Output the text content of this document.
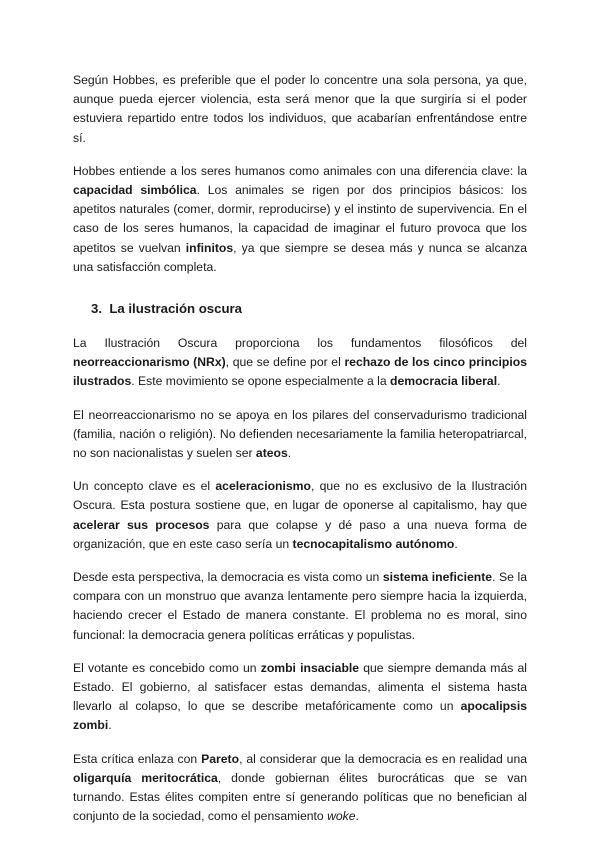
Según Hobbes, es preferible que el poder lo concentre una sola persona, ya que, aunque pueda ejercer violencia, esta será menor que la que surgiría si el poder estuviera repartido entre todos los individuos, que acabarían enfrentándose entre sí.

Hobbes entiende a los seres humanos como animales con una diferencia clave: la capacidad simbólica. Los animales se rigen por dos principios básicos: los apetitos naturales (comer, dormir, reproducirse) y el instinto de supervivencia. En el caso de los seres humanos, la capacidad de imaginar el futuro provoca que los apetitos se vuelvan infinitos, ya que siempre se desea más y nunca se alcanza una satisfacción completa.

3. La ilustración oscura

La Ilustración Oscura proporciona los fundamentos filosóficos del neorreaccionarismo (NRx), que se define por el rechazo de los cinco principios ilustrados. Este movimiento se opone especialmente a la democracia liberal.

El neorreaccionarismo no se apoya en los pilares del conservadurismo tradicional (familia, nación o religión). No defienden necesariamente la familia heteropatriarcal, no son nacionalistas y suelen ser ateos.

Un concepto clave es el aceleracionismo, que no es exclusivo de la Ilustración Oscura. Esta postura sostiene que, en lugar de oponerse al capitalismo, hay que acelerar sus procesos para que colapse y dé paso a una nueva forma de organización, que en este caso sería un tecnocapitalismo autónomo.

Desde esta perspectiva, la democracia es vista como un sistema ineficiente. Se la compara con un monstruo que avanza lentamente pero siempre hacia la izquierda, haciendo crecer el Estado de manera constante. El problema no es moral, sino funcional: la democracia genera políticas erráticas y populistas.

El votante es concebido como un zombi insaciable que siempre demanda más al Estado. El gobierno, al satisfacer estas demandas, alimenta el sistema hasta llevarlo al colapso, lo que se describe metafóricamente como un apocalipsis zombi.

Esta crítica enlaza con Pareto, al considerar que la democracia es en realidad una oligarquía meritocrática, donde gobiernan élites burocráticas que se van turnando. Estas élites compiten entre sí generando políticas que no benefician al conjunto de la sociedad, como el pensamiento woke.
